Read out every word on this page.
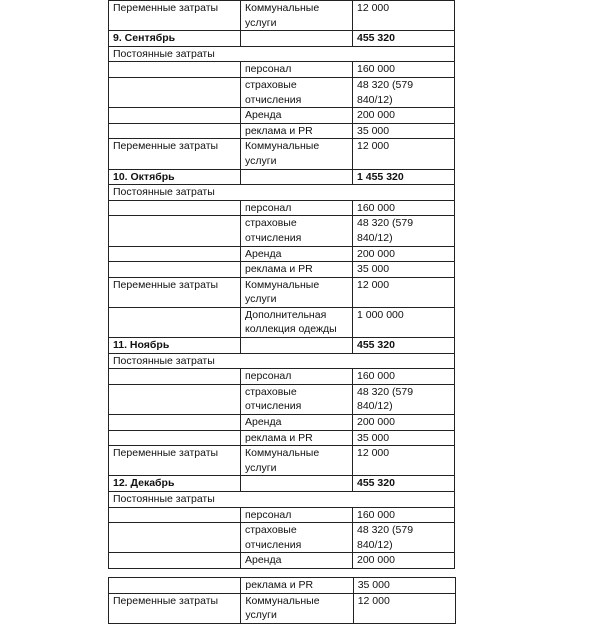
Переменные затраты	Коммунальные услуги	12 000
9. Сентябрь		455 320
Постоянные затраты		
	персонал	160 000
	страховые отчисления	48 320 (579 840/12)
	Аренда	200 000
	реклама и PR	35 000
Переменные затраты	Коммунальные услуги	12 000
10. Октябрь		1 455 320
Постоянные затраты		
	персонал	160 000
	страховые отчисления	48 320 (579 840/12)
	Аренда	200 000
	реклама и PR	35 000
Переменные затраты	Коммунальные услуги	12 000
	Дополнительная коллекция одежды	1 000 000
11. Ноябрь		455 320
Постоянные затраты		
	персонал	160 000
	страховые отчисления	48 320 (579 840/12)
	Аренда	200 000
	реклама и PR	35 000
Переменные затраты	Коммунальные услуги	12 000
12. Декабрь		455 320
Постоянные затраты		
	персонал	160 000
	страховые отчисления	48 320 (579 840/12)
	Аренда	200 000
	реклама и PR	35 000
Переменные затраты	Коммунальные услуги	12 000
